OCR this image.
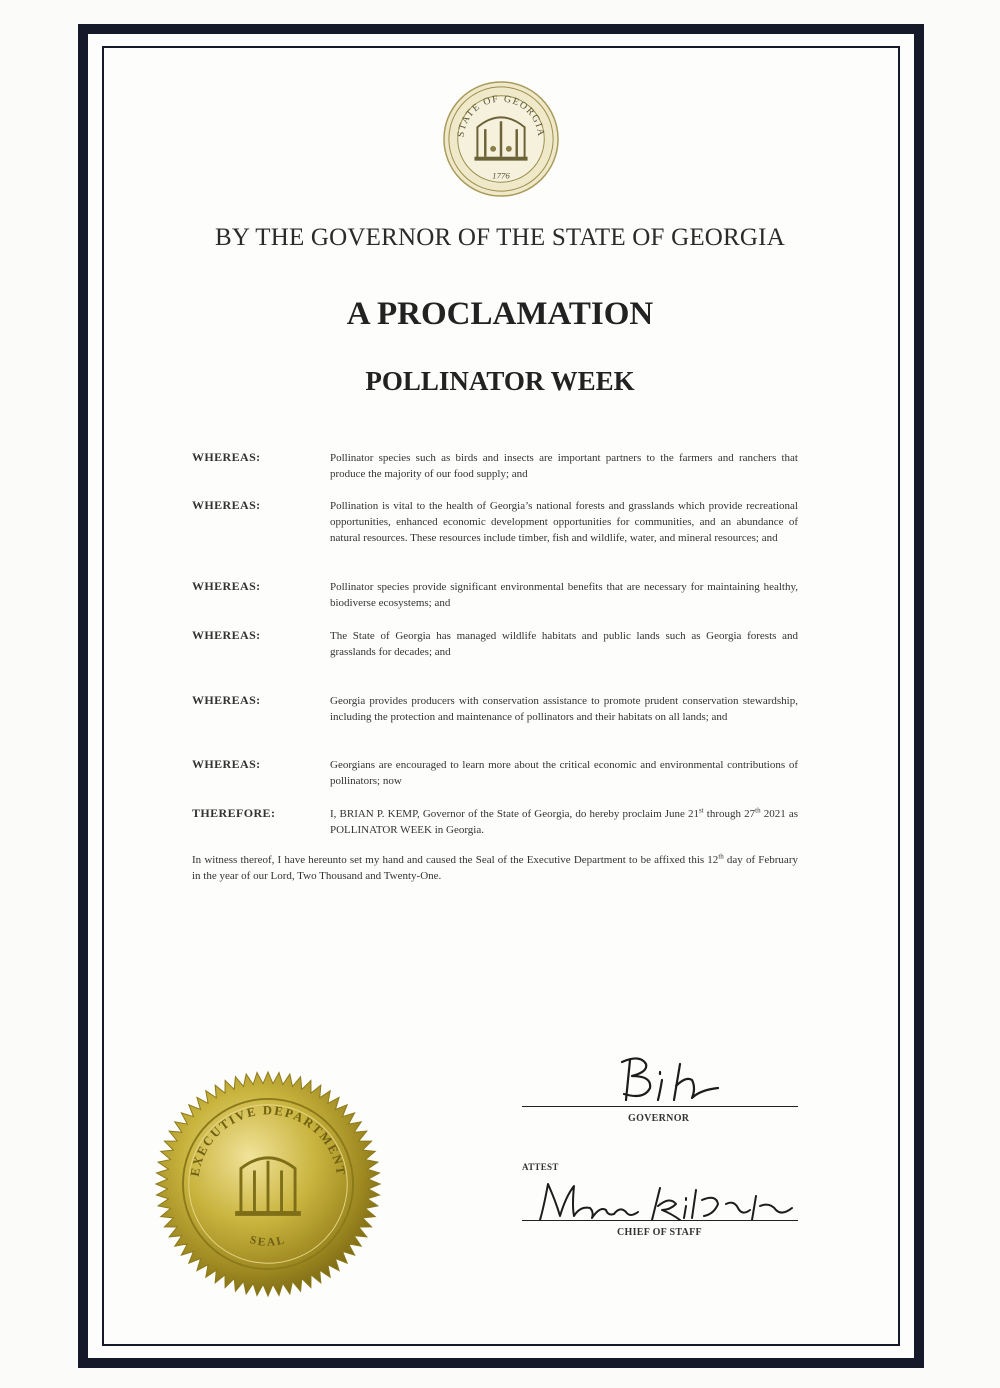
STATE OF GEORGIA
1776
BY THE GOVERNOR OF THE STATE OF GEORGIA
A PROCLAMATION
POLLINATOR WEEK
WHEREAS:	Pollinator species such as birds and insects are important partners to the farmers and ranchers that produce the majority of our food supply; and
WHEREAS:	Pollination is vital to the health of Georgia’s national forests and grasslands which provide recreational opportunities, enhanced economic development opportunities for communities, and an abundance of natural resources. These resources include timber, fish and wildlife, water, and mineral resources; and
WHEREAS:	Pollinator species provide significant environmental benefits that are necessary for maintaining healthy, biodiverse ecosystems; and
WHEREAS:	The State of Georgia has managed wildlife habitats and public lands such as Georgia forests and grasslands for decades; and
WHEREAS:	Georgia provides producers with conservation assistance to promote prudent conservation stewardship, including the protection and maintenance of pollinators and their habitats on all lands; and
WHEREAS:	Georgians are encouraged to learn more about the critical economic and environmental contributions of pollinators; now
THEREFORE:	I, BRIAN P. KEMP, Governor of the State of Georgia, do hereby proclaim June 21st through 27th 2021 as POLLINATOR WEEK in Georgia.
In witness thereof, I have hereunto set my hand and caused the Seal of the Executive Department to be affixed this 12th day of February in the year of our Lord, Two Thousand and Twenty-One.
GOVERNOR
ATTEST
CHIEF OF STAFF
EXECUTIVE DEPARTMENT
SEAL
